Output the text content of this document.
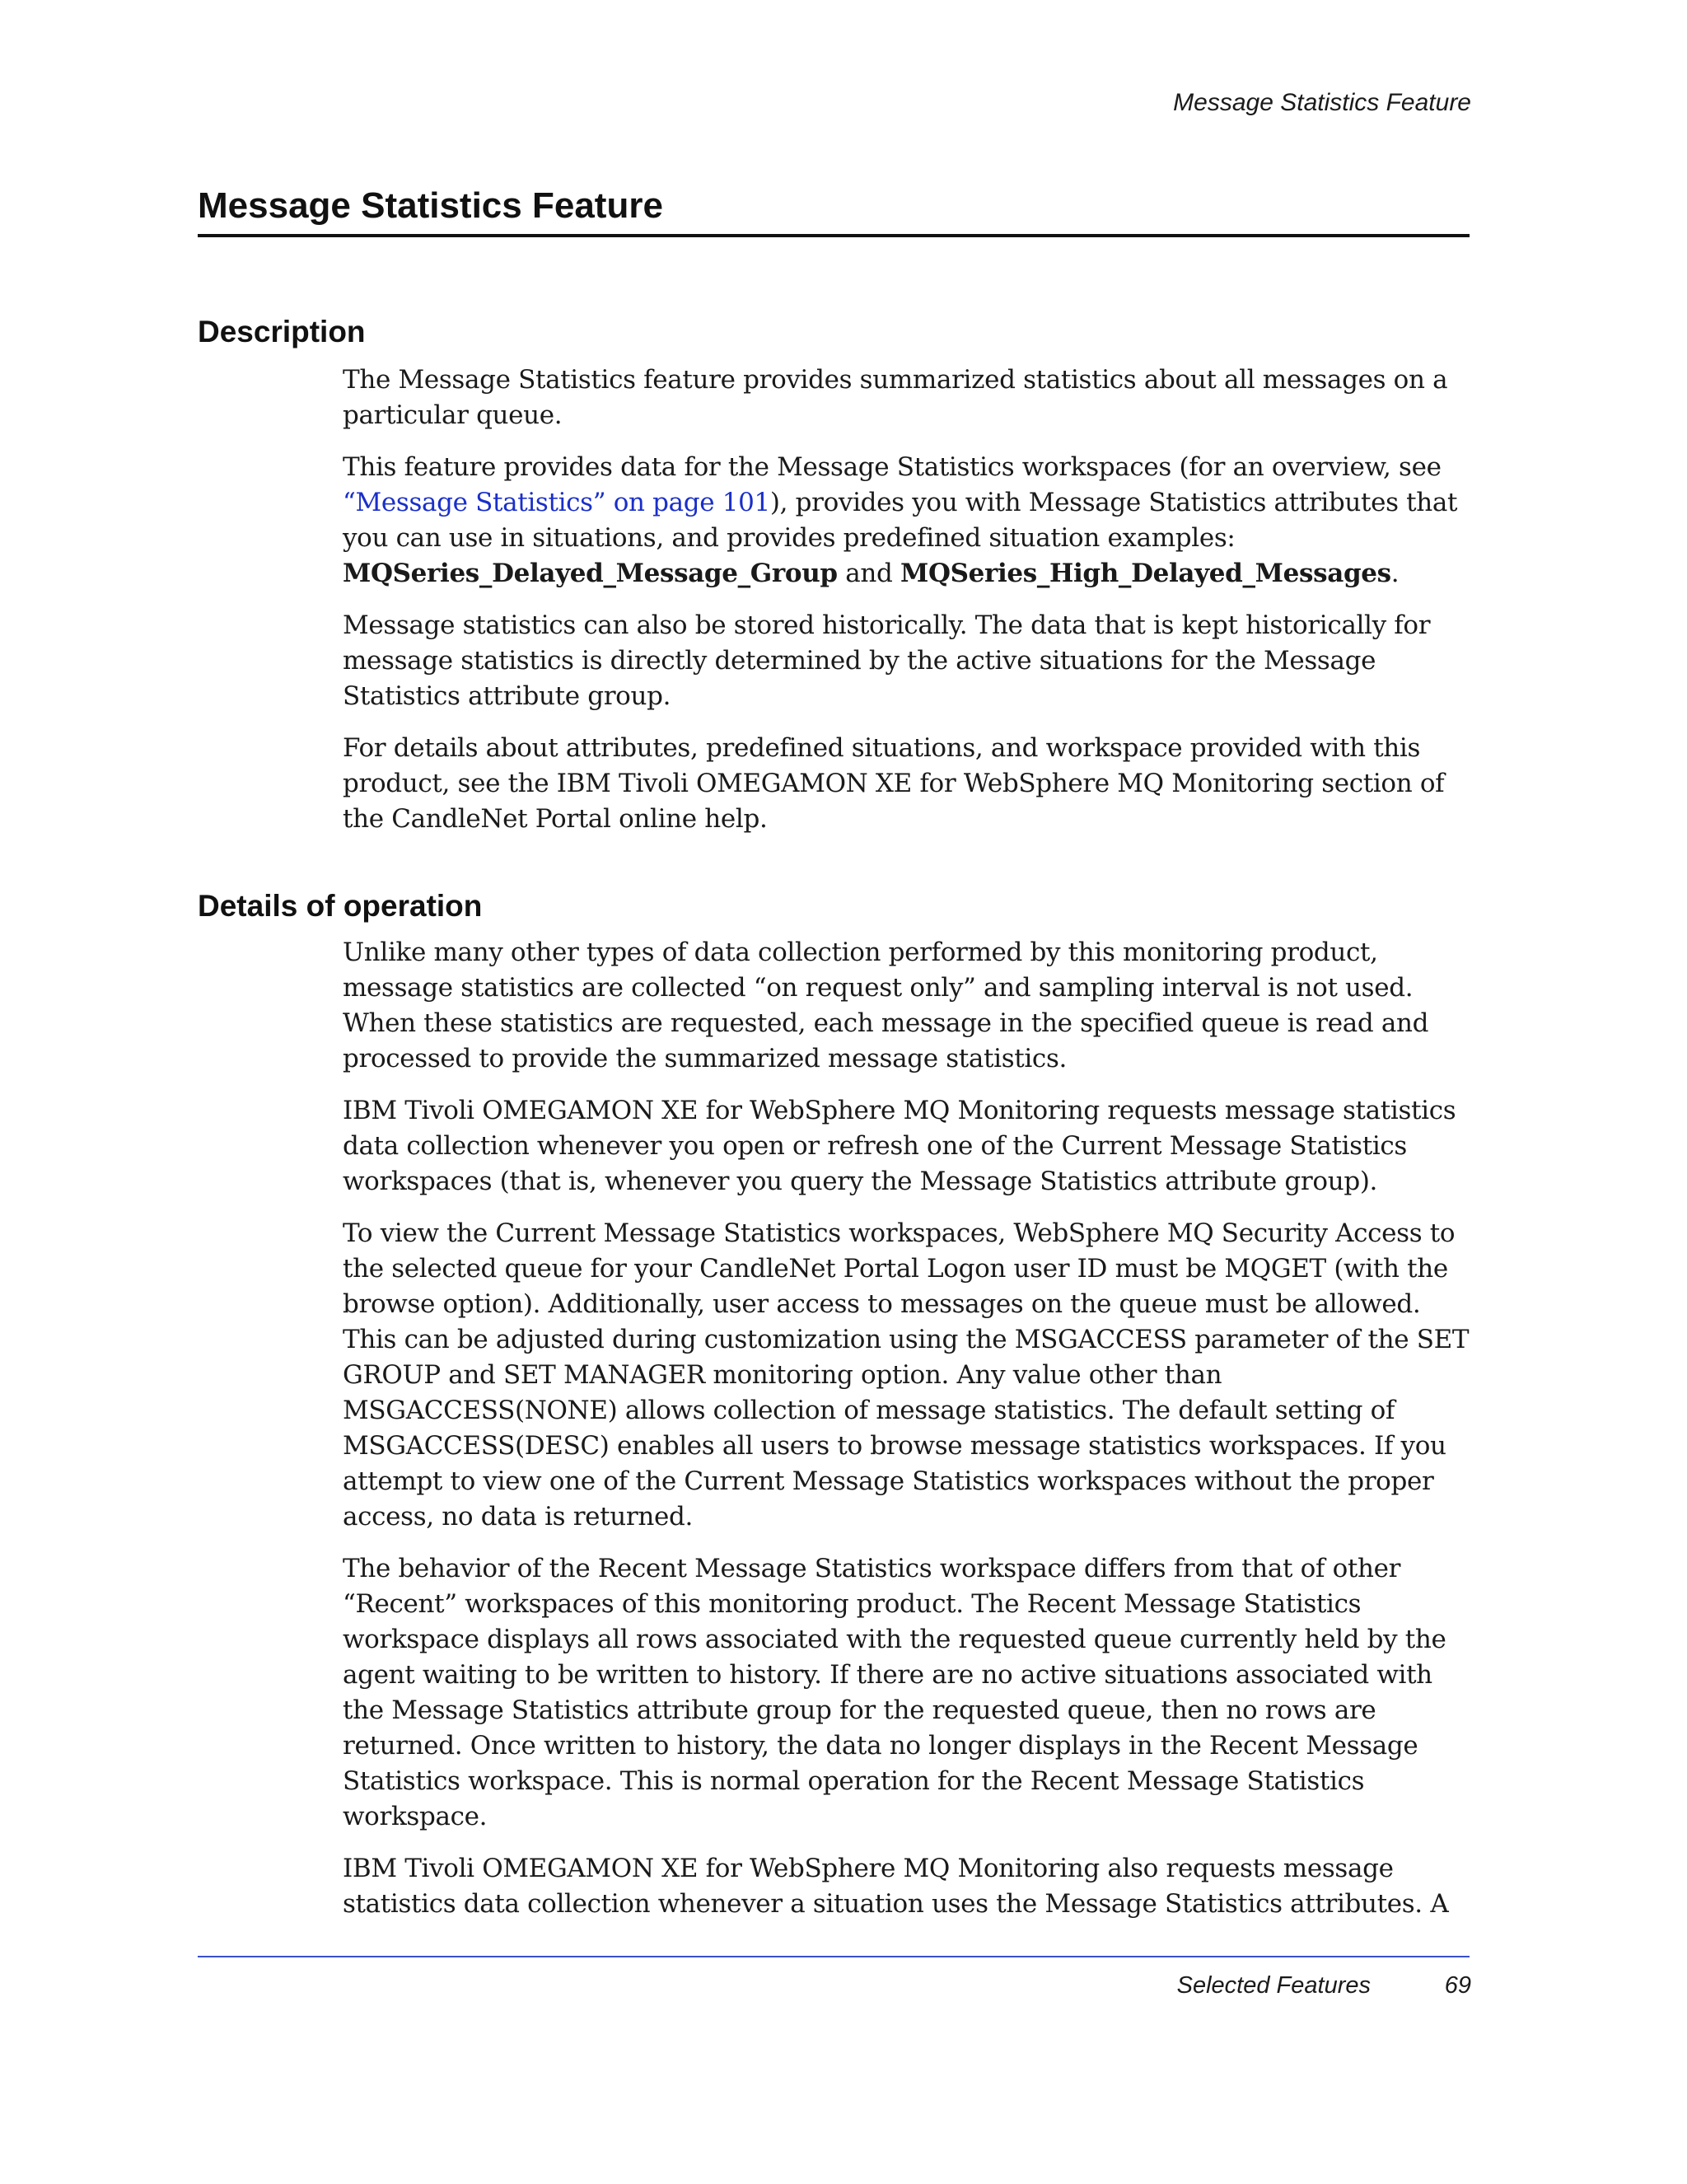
Message Statistics Feature
Message Statistics Feature
Description

The Message Statistics feature provides summarized statistics about all messages on a particular queue.

This feature provides data for the Message Statistics workspaces (for an overview, see “Message Statistics” on page 101), provides you with Message Statistics attributes that you can use in situations, and provides predefined situation examples: MQSeries_Delayed_Message_Group and MQSeries_High_Delayed_Messages.

Message statistics can also be stored historically. The data that is kept historically for message statistics is directly determined by the active situations for the Message Statistics attribute group.

For details about attributes, predefined situations, and workspace provided with this product, see the IBM Tivoli OMEGAMON XE for WebSphere MQ Monitoring section of the CandleNet Portal online help.

Details of operation

Unlike many other types of data collection performed by this monitoring product, message statistics are collected “on request only” and sampling interval is not used. When these statistics are requested, each message in the specified queue is read and processed to provide the summarized message statistics.

IBM Tivoli OMEGAMON XE for WebSphere MQ Monitoring requests message statistics data collection whenever you open or refresh one of the Current Message Statistics workspaces (that is, whenever you query the Message Statistics attribute group).

To view the Current Message Statistics workspaces, WebSphere MQ Security Access to the selected queue for your CandleNet Portal Logon user ID must be MQGET (with the browse option). Additionally, user access to messages on the queue must be allowed. This can be adjusted during customization using the MSGACCESS parameter of the SET GROUP and SET MANAGER monitoring option. Any value other than MSGACCESS(NONE) allows collection of message statistics. The default setting of MSGACCESS(DESC) enables all users to browse message statistics workspaces. If you attempt to view one of the Current Message Statistics workspaces without the proper access, no data is returned.

The behavior of the Recent Message Statistics workspace differs from that of other “Recent” workspaces of this monitoring product. The Recent Message Statistics workspace displays all rows associated with the requested queue currently held by the agent waiting to be written to history. If there are no active situations associated with the Message Statistics attribute group for the requested queue, then no rows are returned. Once written to history, the data no longer displays in the Recent Message Statistics workspace. This is normal operation for the Recent Message Statistics workspace.

IBM Tivoli OMEGAMON XE for WebSphere MQ Monitoring also requests message statistics data collection whenever a situation uses the Message Statistics attributes. A

Selected Features	69
